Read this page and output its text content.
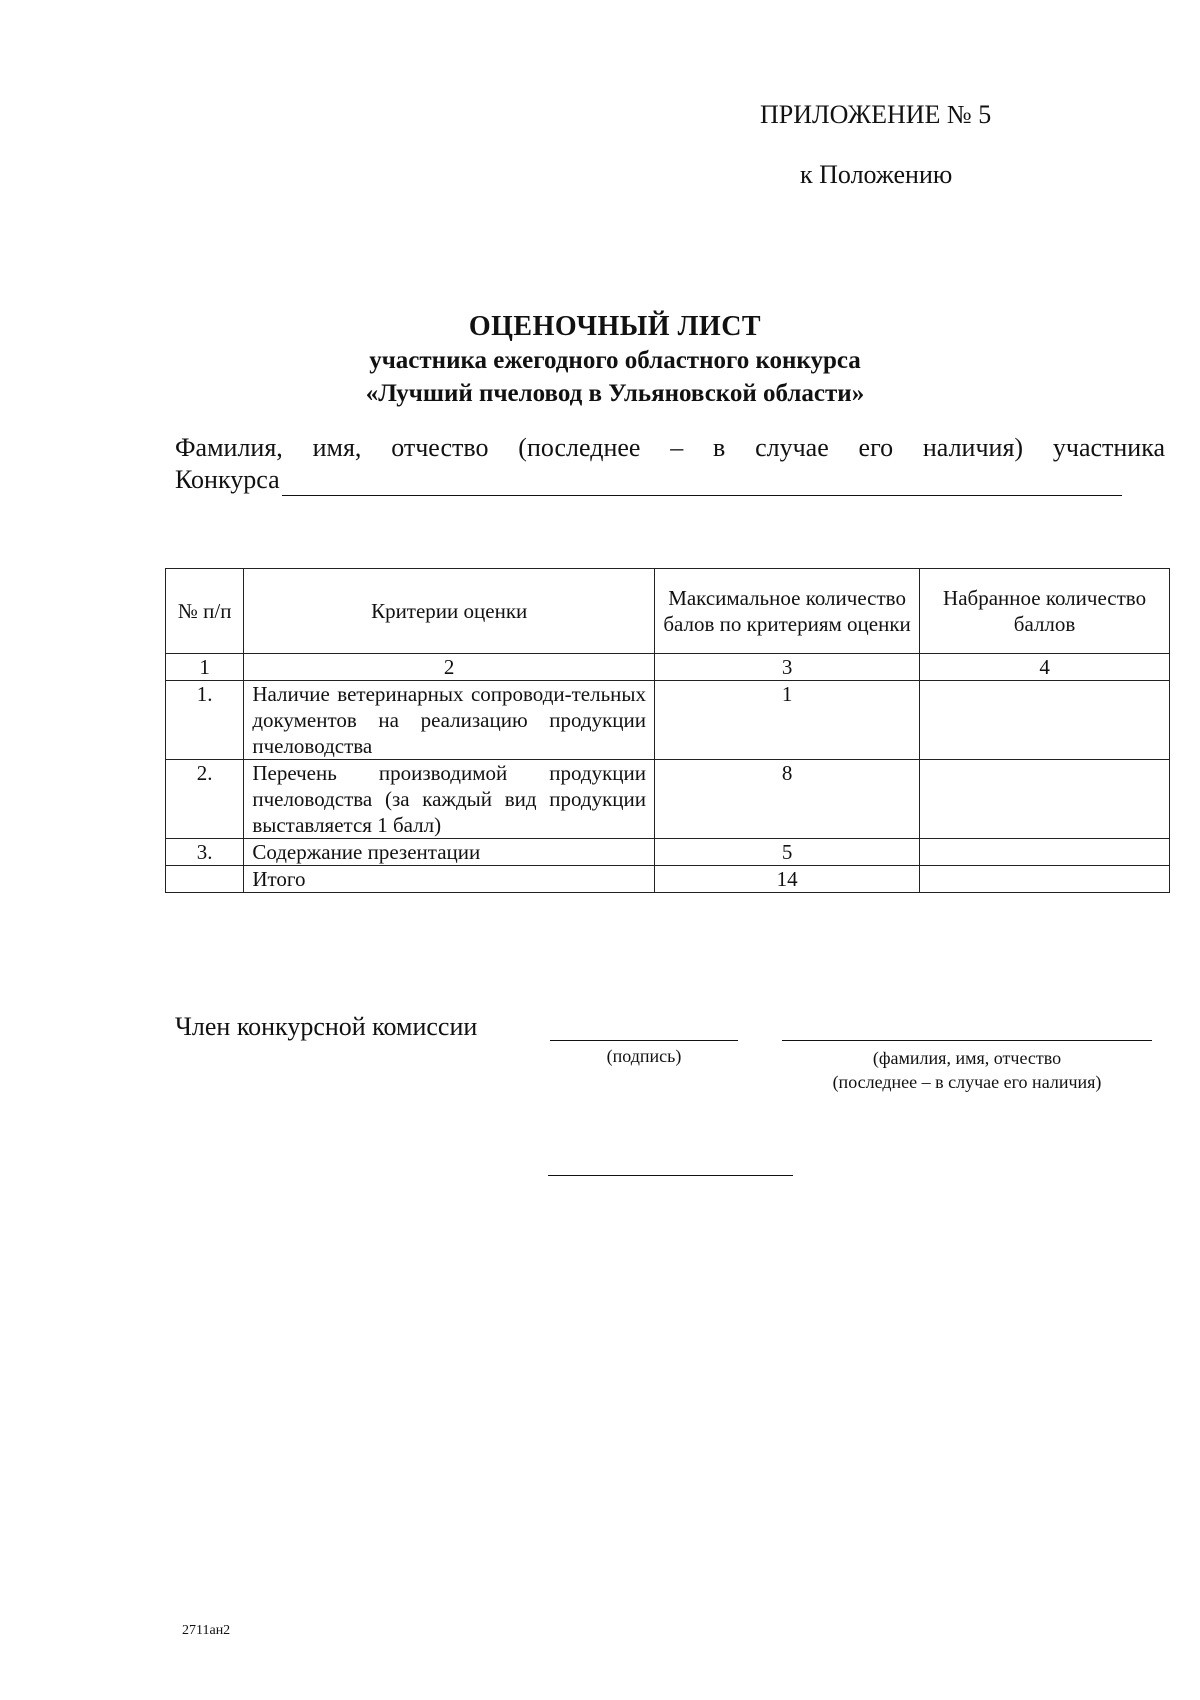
ПРИЛОЖЕНИЕ № 5
к Положению
ОЦЕНОЧНЫЙ ЛИСТ
участника ежегодного областного конкурса
«Лучший пчеловод в Ульяновской области»
Фамилия, имя, отчество (последнее – в случае его наличия) участника
Конкурса
№ п/п	Критерии оценки	Максимальное количество балов по критериям оценки	Набранное количество баллов
1	2	3	4
1.	Наличие ветеринарных сопроводи-тельных документов на реализацию продукции пчеловодства	1	
2.	Перечень производимой продукции пчеловодства (за каждый вид продукции выставляется 1 балл)	8	
3.	Содержание презентации	5	
	Итого	14	
Член конкурсной комиссии
(подпись)	(фамилия, имя, отчество
(последнее – в случае его наличия)
2711ан2
